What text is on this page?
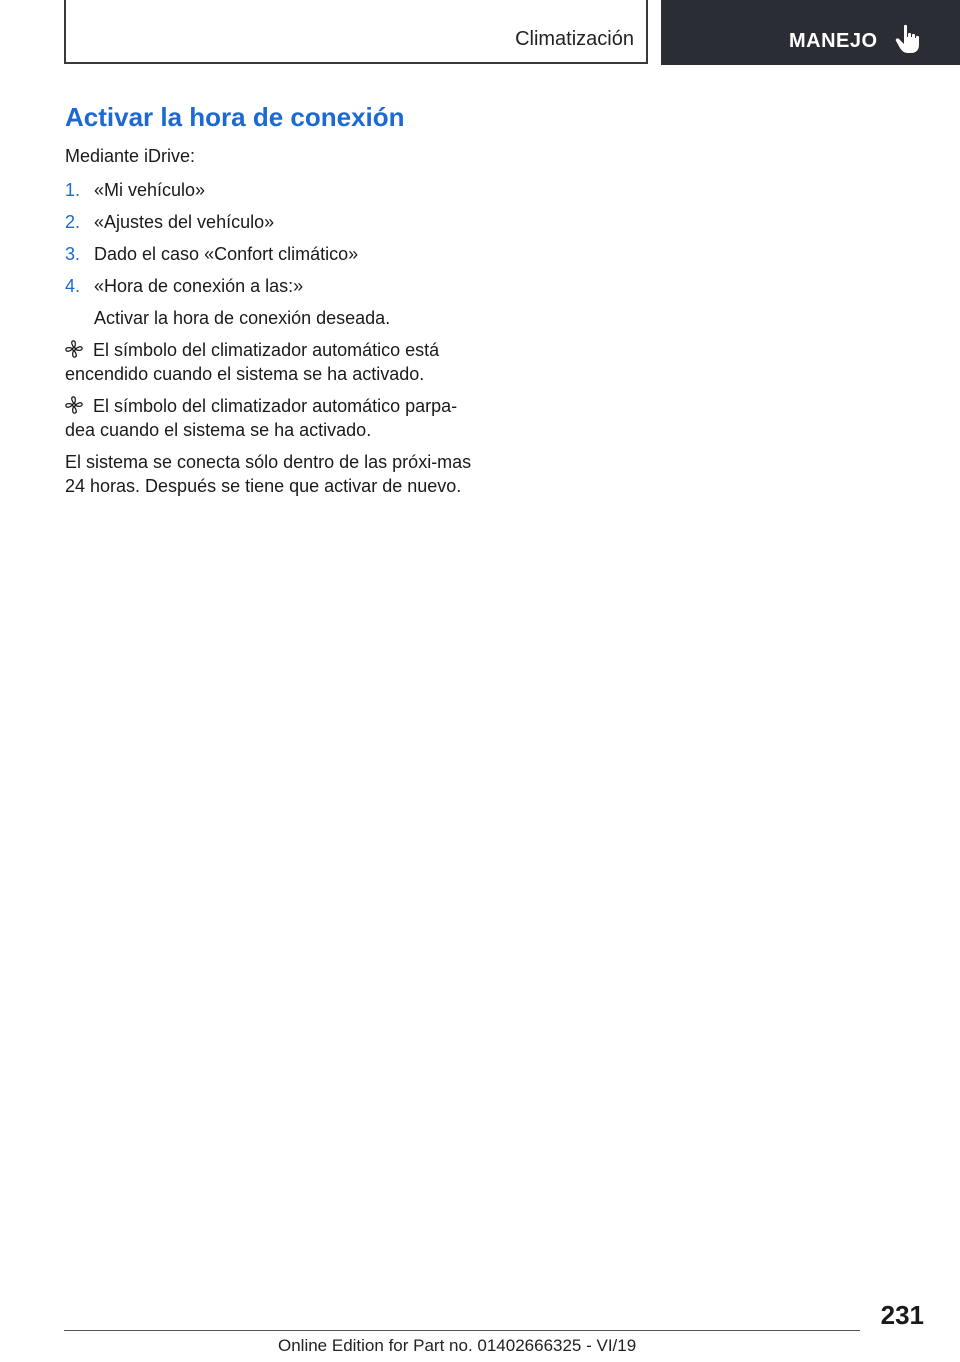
Climatización	MANEJO
Activar la hora de conexión

Mediante iDrive:

1. «Mi vehículo»
2. «Ajustes del vehículo»
3. Dado el caso «Confort climático»
4. «Hora de conexión a las:»

Activar la hora de conexión deseada.

El símbolo del climatizador automático está encendido cuando el sistema se ha activado.

El símbolo del climatizador automático parpa-dea cuando el sistema se ha activado.

El sistema se conecta sólo dentro de las próxi-mas 24 horas. Después se tiene que activar de nuevo.

231
Online Edition for Part no. 01402666325 - VI/19
